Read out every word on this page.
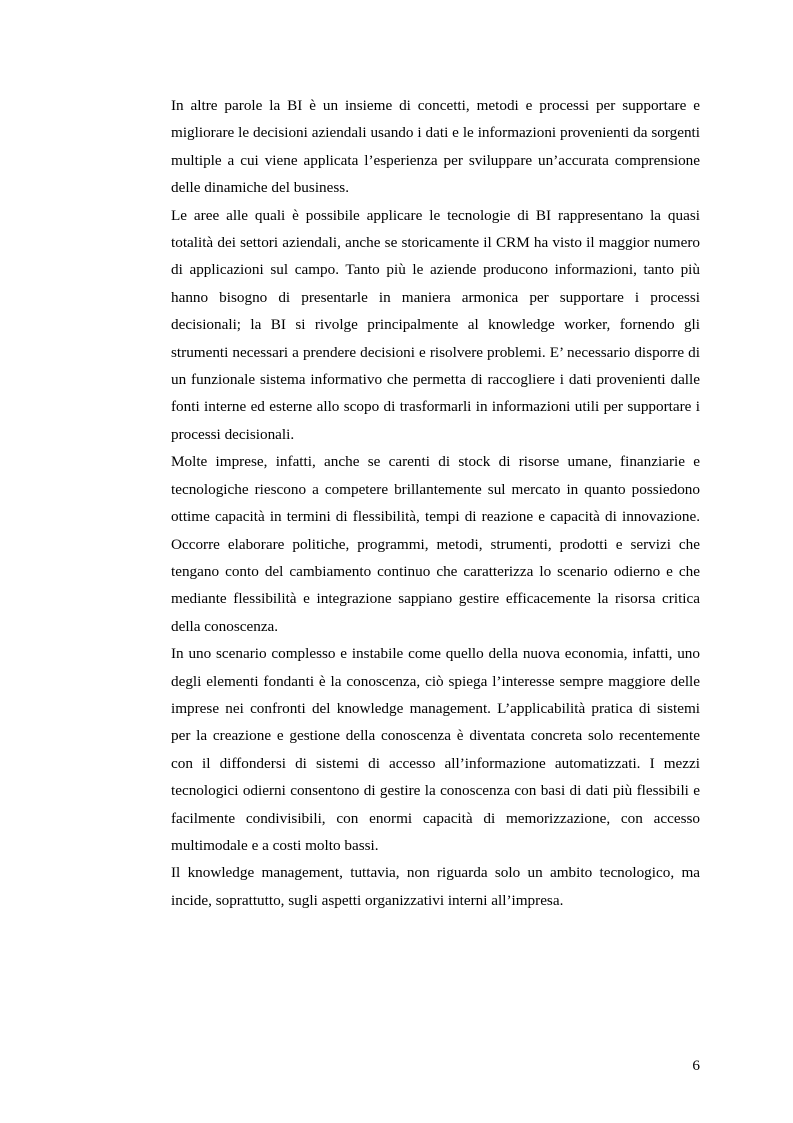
In altre parole la BI è un insieme di concetti, metodi e processi per supportare e migliorare le decisioni aziendali usando i dati e le informazioni provenienti da sorgenti multiple a cui viene applicata l’esperienza per sviluppare un’accurata comprensione delle dinamiche del business.

Le aree alle quali è possibile applicare le tecnologie di BI rappresentano la quasi totalità dei settori aziendali, anche se storicamente il CRM ha visto il maggior numero di applicazioni sul campo. Tanto più le aziende producono informazioni, tanto più hanno bisogno di presentarle in maniera armonica per supportare i processi decisionali; la BI si rivolge principalmente al knowledge worker, fornendo gli strumenti necessari a prendere decisioni e risolvere problemi. E’ necessario disporre di un funzionale sistema informativo che permetta di raccogliere i dati provenienti dalle fonti interne ed esterne allo scopo di trasformarli in informazioni utili per supportare i processi decisionali.

Molte imprese, infatti, anche se carenti di stock di risorse umane, finanziarie e tecnologiche riescono a competere brillantemente sul mercato in quanto possiedono ottime capacità in termini di flessibilità, tempi di reazione e capacità di innovazione. Occorre elaborare politiche, programmi, metodi, strumenti, prodotti e servizi che tengano conto del cambiamento continuo che caratterizza lo scenario odierno e che mediante flessibilità e integrazione sappiano gestire efficacemente la risorsa critica della conoscenza.

In uno scenario complesso e instabile come quello della nuova economia, infatti, uno degli elementi fondanti è la conoscenza, ciò spiega l’interesse sempre maggiore delle imprese nei confronti del knowledge management. L’applicabilità pratica di sistemi per la creazione e gestione della conoscenza è diventata concreta solo recentemente con il diffondersi di sistemi di accesso all’informazione automatizzati. I mezzi tecnologici odierni consentono di gestire la conoscenza con basi di dati più flessibili e facilmente condivisibili, con enormi capacità di memorizzazione, con accesso multimodale e a costi molto bassi.

Il knowledge management, tuttavia, non riguarda solo un ambito tecnologico, ma incide, soprattutto, sugli aspetti organizzativi interni all’impresa.

6
